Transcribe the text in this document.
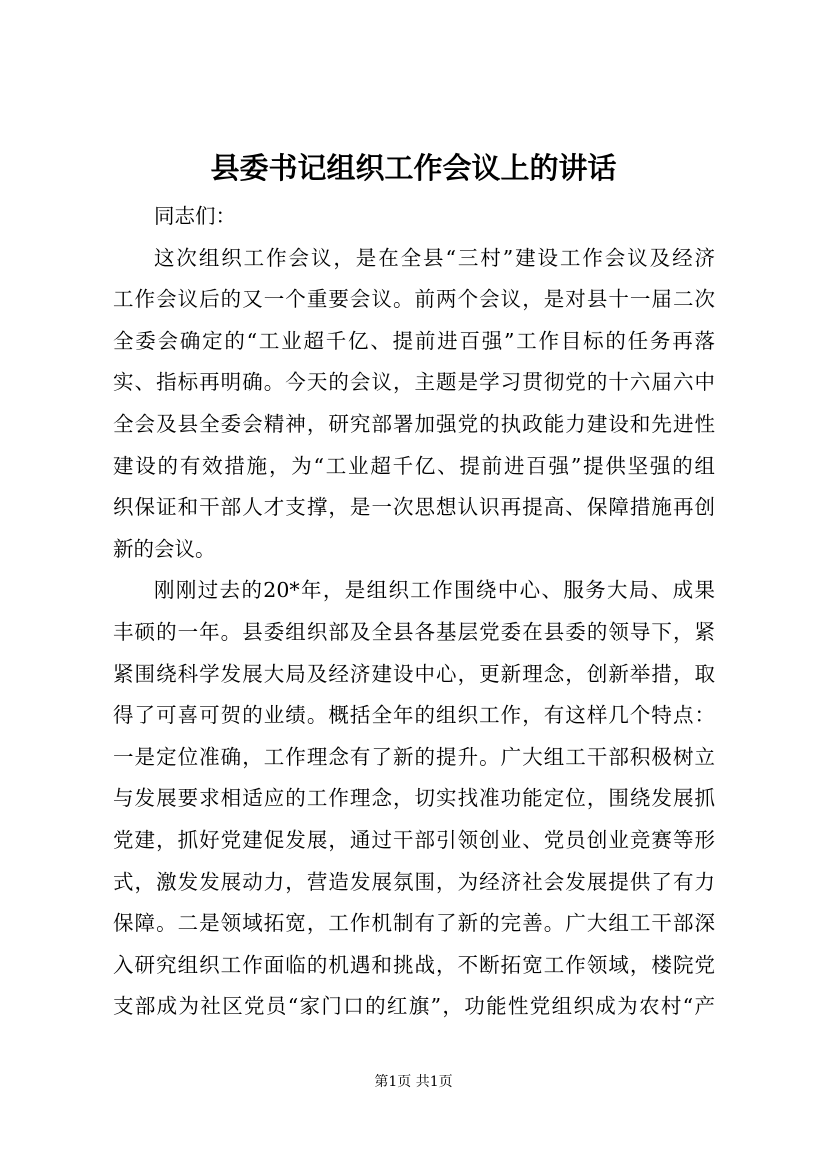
县委书记组织工作会议上的讲话
同志们：
这次组织工作会议，是在全县“三村”建设工作会议及经济
工作会议后的又一个重要会议。前两个会议，是对县十一届二次
全委会确定的“工业超千亿、提前进百强”工作目标的任务再落
实、指标再明确。今天的会议，主题是学习贯彻党的十六届六中
全会及县全委会精神，研究部署加强党的执政能力建设和先进性
建设的有效措施，为“工业超千亿、提前进百强”提供坚强的组
织保证和干部人才支撑，是一次思想认识再提高、保障措施再创
新的会议。
刚刚过去的20*年，是组织工作围绕中心、服务大局、成果
丰硕的一年。县委组织部及全县各基层党委在县委的领导下，紧
紧围绕科学发展大局及经济建设中心，更新理念，创新举措，取
得了可喜可贺的业绩。概括全年的组织工作，有这样几个特点：
一是定位准确，工作理念有了新的提升。广大组工干部积极树立
与发展要求相适应的工作理念，切实找准功能定位，围绕发展抓
党建，抓好党建促发展，通过干部引领创业、党员创业竞赛等形
式，激发发展动力，营造发展氛围，为经济社会发展提供了有力
保障。二是领域拓宽，工作机制有了新的完善。广大组工干部深
入研究组织工作面临的机遇和挑战，不断拓宽工作领域，楼院党
支部成为社区党员“家门口的红旗”，功能性党组织成为农村“产
第1页 共1页
